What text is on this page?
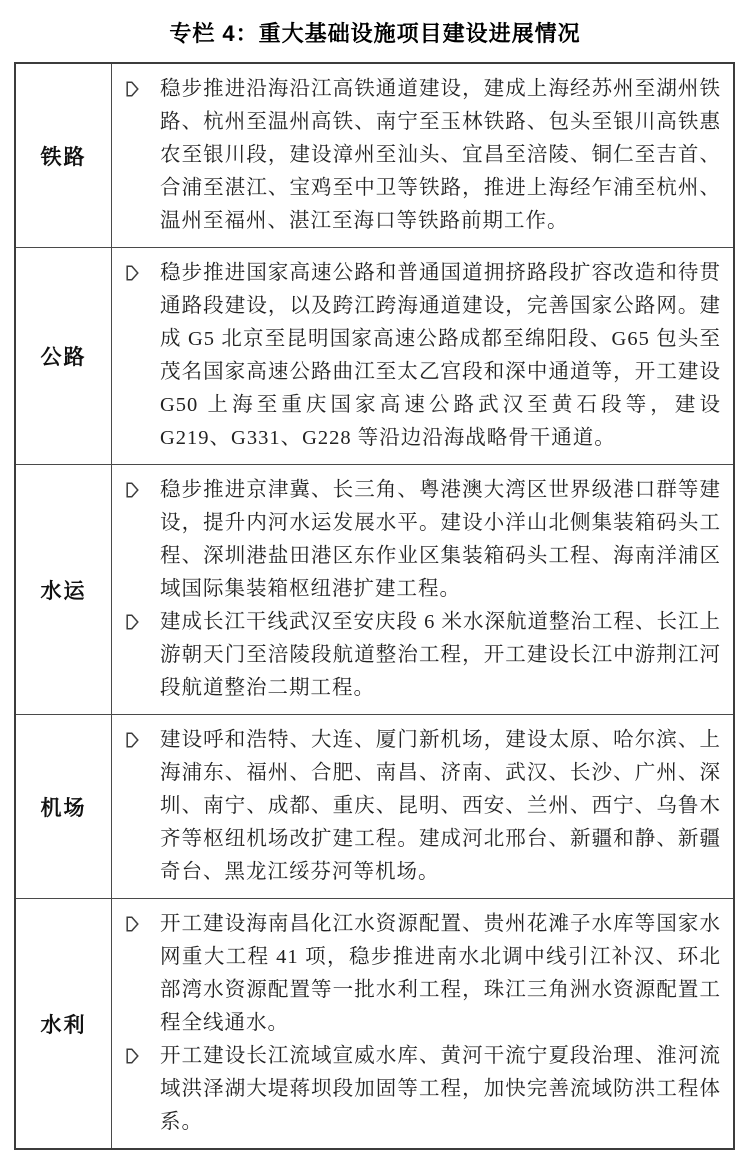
专栏 4：重大基础设施项目建设进展情况
铁路

稳步推进沿海沿江高铁通道建设，建成上海经苏州至湖州铁路、杭州至温州高铁、南宁至玉林铁路、包头至银川高铁惠农至银川段，建设漳州至汕头、宜昌至涪陵、铜仁至吉首、合浦至湛江、宝鸡至中卫等铁路，推进上海经乍浦至杭州、温州至福州、湛江至海口等铁路前期工作。

公路

稳步推进国家高速公路和普通国道拥挤路段扩容改造和待贯通路段建设，以及跨江跨海通道建设，完善国家公路网。建成 G5 北京至昆明国家高速公路成都至绵阳段、G65 包头至茂名国家高速公路曲江至太乙宫段和深中通道等，开工建设 G50 上海至重庆国家高速公路武汉至黄石段等，建设 G219、G331、G228 等沿边沿海战略骨干通道。

水运

稳步推进京津冀、长三角、粤港澳大湾区世界级港口群等建设，提升内河水运发展水平。建设小洋山北侧集装箱码头工程、深圳港盐田港区东作业区集装箱码头工程、海南洋浦区域国际集装箱枢纽港扩建工程。

建成长江干线武汉至安庆段 6 米水深航道整治工程、长江上游朝天门至涪陵段航道整治工程，开工建设长江中游荆江河段航道整治二期工程。

机场

建设呼和浩特、大连、厦门新机场，建设太原、哈尔滨、上海浦东、福州、合肥、南昌、济南、武汉、长沙、广州、深圳、南宁、成都、重庆、昆明、西安、兰州、西宁、乌鲁木齐等枢纽机场改扩建工程。建成河北邢台、新疆和静、新疆奇台、黑龙江绥芬河等机场。

水利

开工建设海南昌化江水资源配置、贵州花滩子水库等国家水网重大工程 41 项，稳步推进南水北调中线引江补汉、环北部湾水资源配置等一批水利工程，珠江三角洲水资源配置工程全线通水。

开工建设长江流域宣威水库、黄河干流宁夏段治理、淮河流域洪泽湖大堤蒋坝段加固等工程，加快完善流域防洪工程体系。
